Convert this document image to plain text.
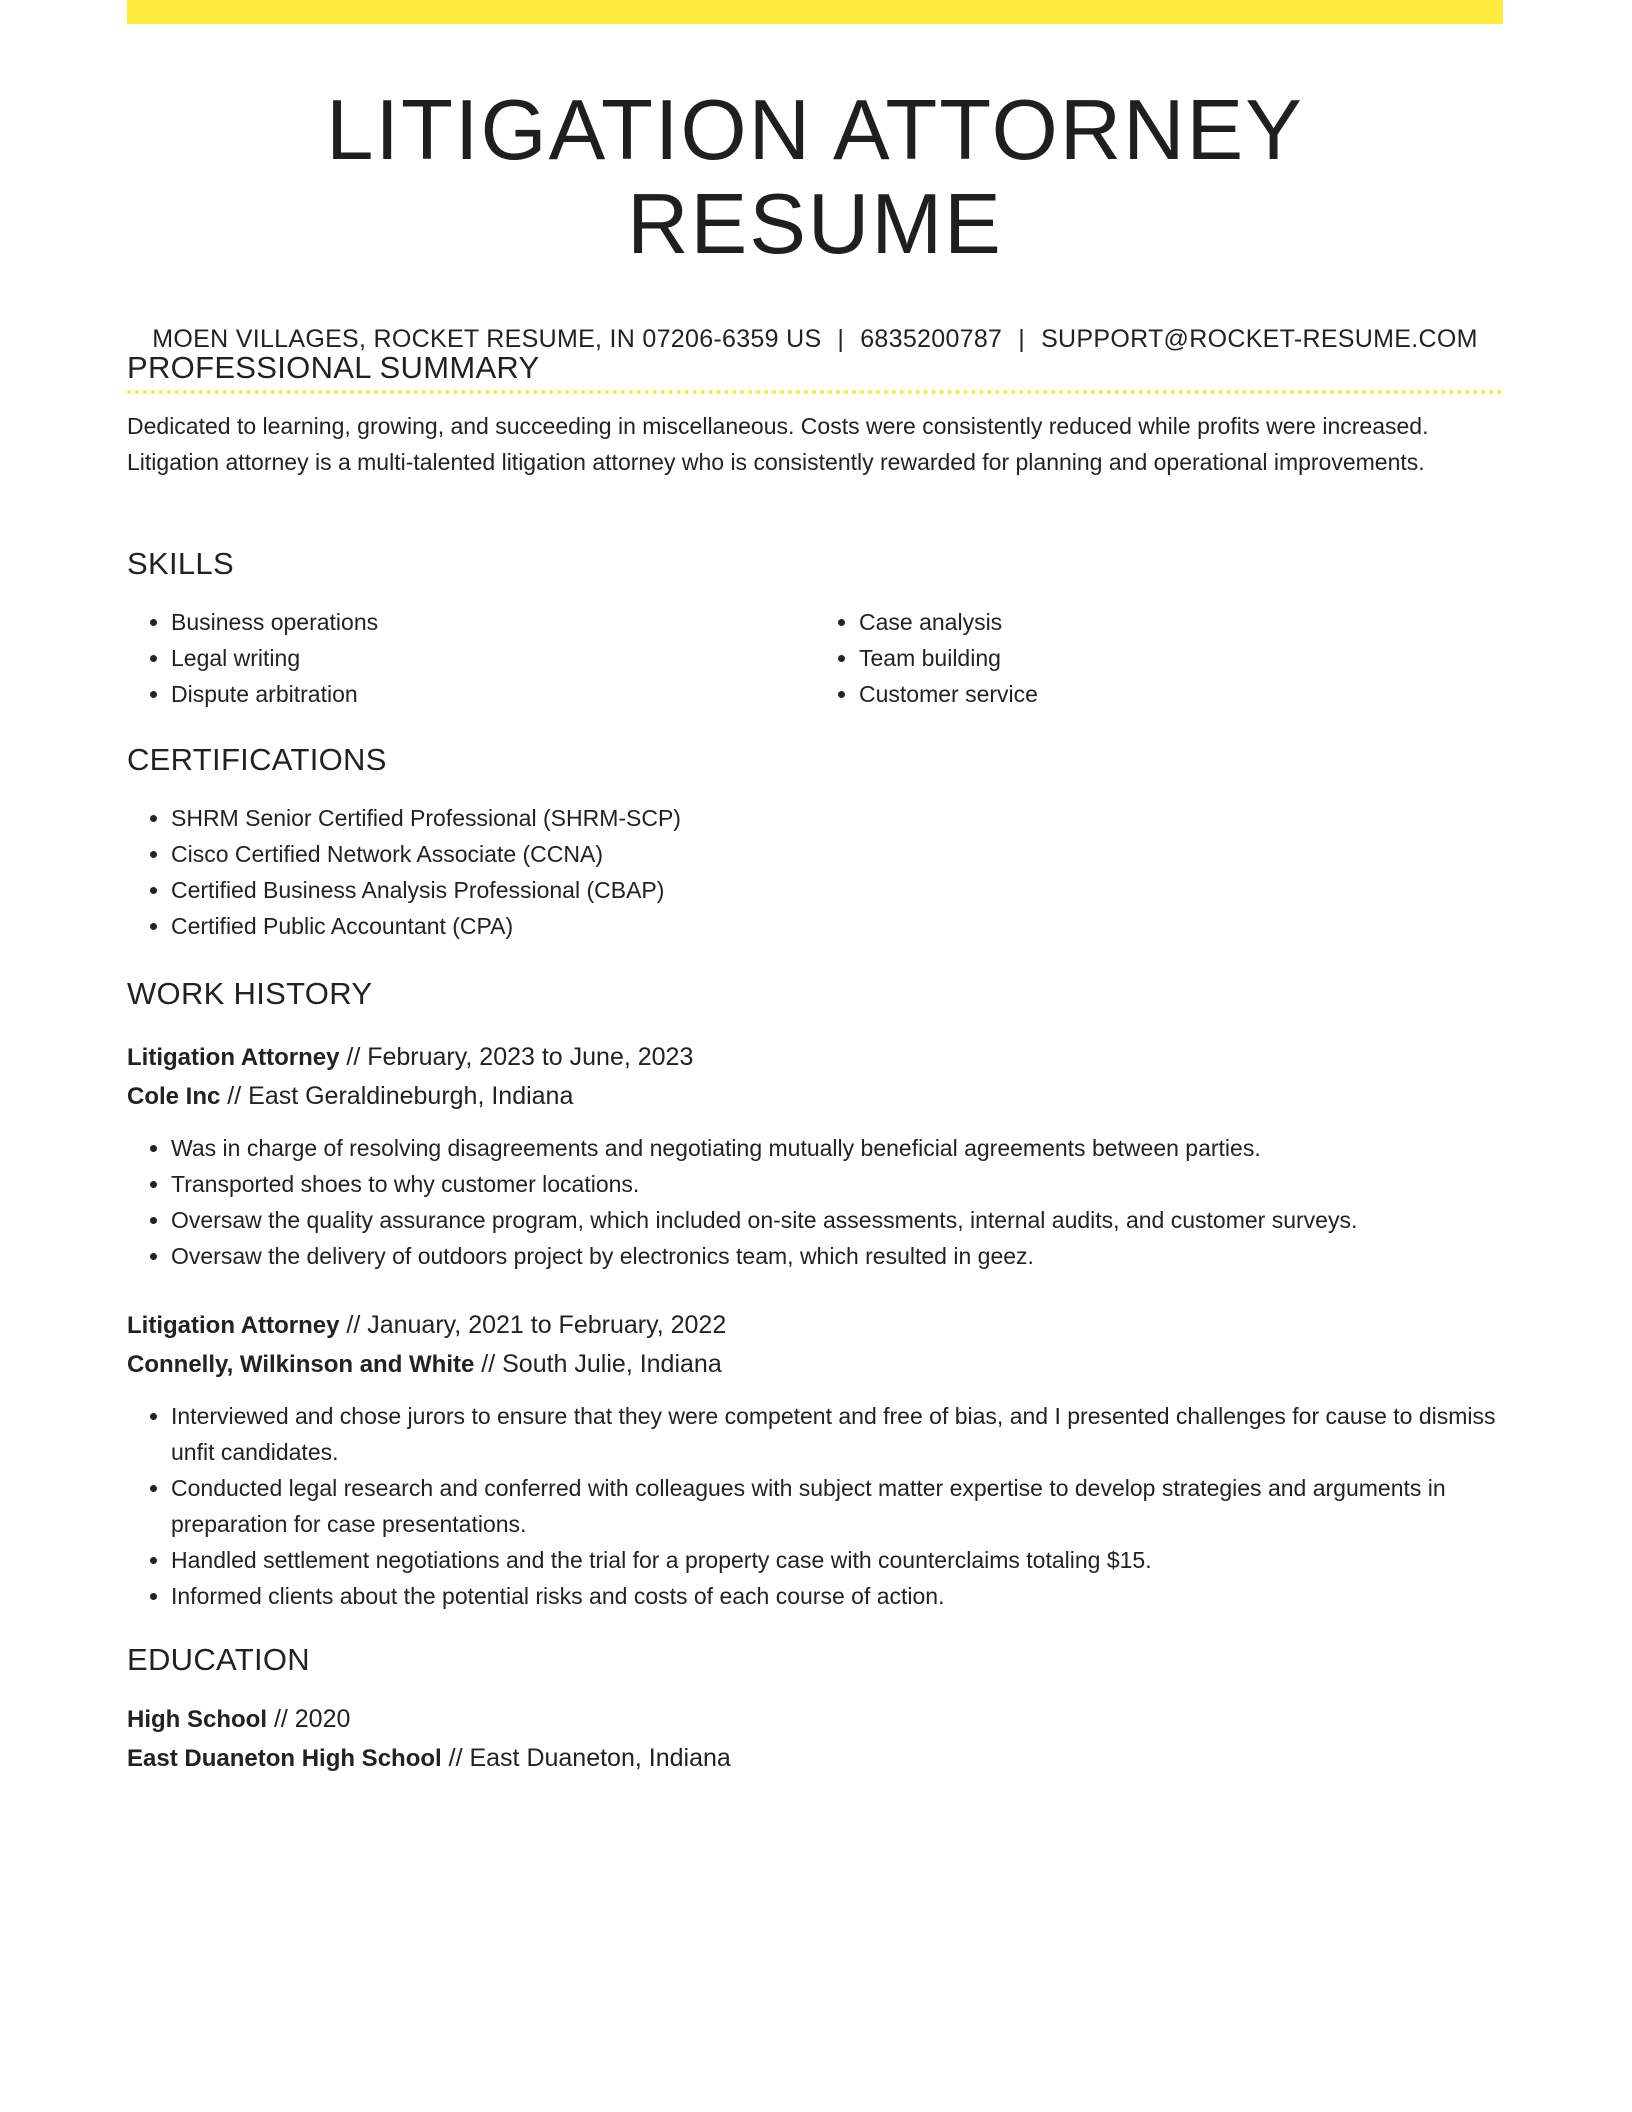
LITIGATION ATTORNEY RESUME
MOEN VILLAGES, ROCKET RESUME, IN 07206-6359 US | 6835200787 | SUPPORT@ROCKET-RESUME.COM
PROFESSIONAL SUMMARY
Dedicated to learning, growing, and succeeding in miscellaneous. Costs were consistently reduced while profits were increased. Litigation attorney is a multi-talented litigation attorney who is consistently rewarded for planning and operational improvements.
SKILLS
• Business operations
• Legal writing
• Dispute arbitration
• Case analysis
• Team building
• Customer service
CERTIFICATIONS
• SHRM Senior Certified Professional (SHRM-SCP)
• Cisco Certified Network Associate (CCNA)
• Certified Business Analysis Professional (CBAP)
• Certified Public Accountant (CPA)
WORK HISTORY
Litigation Attorney // February, 2023 to June, 2023
Cole Inc // East Geraldineburgh, Indiana
• Was in charge of resolving disagreements and negotiating mutually beneficial agreements between parties.
• Transported shoes to why customer locations.
• Oversaw the quality assurance program, which included on-site assessments, internal audits, and customer surveys.
• Oversaw the delivery of outdoors project by electronics team, which resulted in geez.
Litigation Attorney // January, 2021 to February, 2022
Connelly, Wilkinson and White // South Julie, Indiana
• Interviewed and chose jurors to ensure that they were competent and free of bias, and I presented challenges for cause to dismiss unfit candidates.
• Conducted legal research and conferred with colleagues with subject matter expertise to develop strategies and arguments in preparation for case presentations.
• Handled settlement negotiations and the trial for a property case with counterclaims totaling $15.
• Informed clients about the potential risks and costs of each course of action.
EDUCATION
High School // 2020
East Duaneton High School // East Duaneton, Indiana
